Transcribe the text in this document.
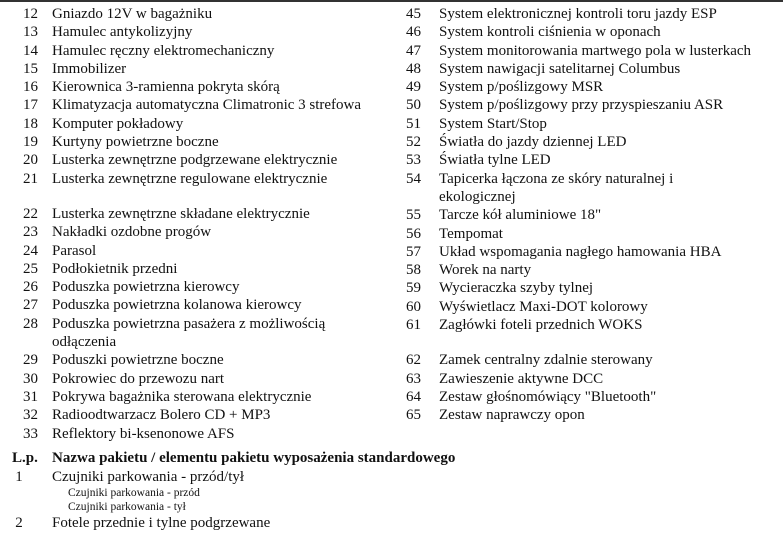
12 Gniazdo 12V w bagażniku
13 Hamulec antykolizyjny
14 Hamulec ręczny elektromechaniczny
15 Immobilizer
16 Kierownica 3-ramienna pokryta skórą
17 Klimatyzacja automatyczna Climatronic 3 strefowa
18 Komputer pokładowy
19 Kurtyny powietrzne boczne
20 Lusterka zewnętrzne podgrzewane elektrycznie
21 Lusterka zewnętrzne regulowane elektrycznie
22 Lusterka zewnętrzne składane elektrycznie
23 Nakładki ozdobne progów
24 Parasol
25 Podłokietnik przedni
26 Poduszka powietrzna kierowcy
27 Poduszka powietrzna kolanowa kierowcy
28 Poduszka powietrzna pasażera z możliwością
odłączenia
29 Poduszki powietrzne boczne
30 Pokrowiec do przewozu nart
31 Pokrywa bagażnika sterowana elektrycznie
32 Radioodtwarzacz Bolero CD + MP3
33 Reflektory bi-ksenonowe AFS
45	System elektronicznej kontroli toru jazdy ESP
46	System kontroli ciśnienia w oponach
47	System monitorowania martwego pola w lusterkach
48	System nawigacji satelitarnej Columbus
49	System p/poślizgowy MSR
50	System p/poślizgowy przy przyspieszaniu ASR
51	System Start/Stop
52	Światła do jazdy dziennej LED
53	Światła tylne LED
54	Tapicerka łączona ze skóry naturalnej i
ekologicznej
55	Tarcze kół aluminiowe 18"
56	Tempomat
57	Układ wspomagania nagłego hamowania HBA
58	Worek na narty
59	Wycieraczka szyby tylnej
60	Wyświetlacz Maxi-DOT kolorowy
61	Zagłówki foteli przednich WOKS
62	Zamek centralny zdalnie sterowany
63	Zawieszenie aktywne DCC
64	Zestaw głośnomówiący "Bluetooth"
65	Zestaw naprawczy opon
L.p. Nazwa pakietu / elementu pakietu wyposażenia standardowego
1	Czujniki parkowania - przód/tył
Czujniki parkowania - przód
Czujniki parkowania - tył
2	Fotele przednie i tylne podgrzewane
